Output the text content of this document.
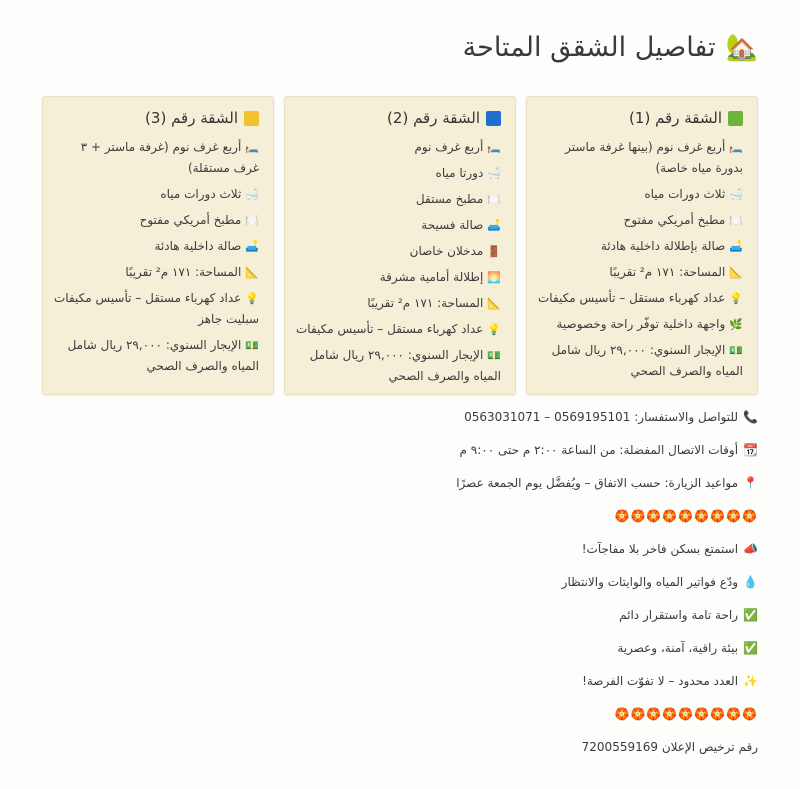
🏡
تفاصيل الشقق المتاحة
الشقة رقم (1)
🛏️أربع غرف نوم (بينها غرفة ماستر بدورة مياه خاصة)
🛁ثلاث دورات مياه
🍽️مطبخ أمريكي مفتوح
🛋️صالة بإطلالة داخلية هادئة
📐المساحة: ١٧١ م² تقريبًا
💡عداد كهرباء مستقل – تأسيس مكيفات
🌿واجهة داخلية توفّر راحة وخصوصية
💵الإيجار السنوي: ٢٩,٠٠٠ ريال شامل المياه والصرف الصحي
الشقة رقم (2)
🛏️أربع غرف نوم
🛁دورتا مياه
🍽️مطبخ مستقل
🛋️صالة فسيحة
🚪مدخلان خاصان
🌅إطلالة أمامية مشرقة
📐المساحة: ١٧١ م² تقريبًا
💡عداد كهرباء مستقل – تأسيس مكيفات
💵الإيجار السنوي: ٢٩,٠٠٠ ريال شامل المياه والصرف الصحي
الشقة رقم (3)
🛏️أربع غرف نوم (غرفة ماستر + ٣ غرف مستقلة)
🛁ثلاث دورات مياه
🍽️مطبخ أمريكي مفتوح
🛋️صالة داخلية هادئة
📐المساحة: ١٧١ م² تقريبًا
💡عداد كهرباء مستقل – تأسيس مكيفات سبليت جاهز
💵الإيجار السنوي: ٢٩,٠٠٠ ريال شامل المياه والصرف الصحي
📞للتواصل والاستفسار: 0569195101 – 0563031071
📆أوقات الاتصال المفضلة: من الساعة ٢:٠٠ م حتى ٩:٠٠ م
📍مواعيد الزيارة: حسب الاتفاق – ويُفضَّل يوم الجمعة عصرًا
🏵️🏵️🏵️🏵️🏵️🏵️🏵️🏵️🏵️
📣استمتع بسكن فاخر بلا مفاجآت!
💧ودّع فواتير المياه والوايتات والانتظار
✅راحة تامة واستقرار دائم
✅بيئة راقية، آمنة، وعصرية
✨العدد محدود – لا تفوّت الفرصة!
🏵️🏵️🏵️🏵️🏵️🏵️🏵️🏵️🏵️
رقم ترخيص الإعلان 7200559169
